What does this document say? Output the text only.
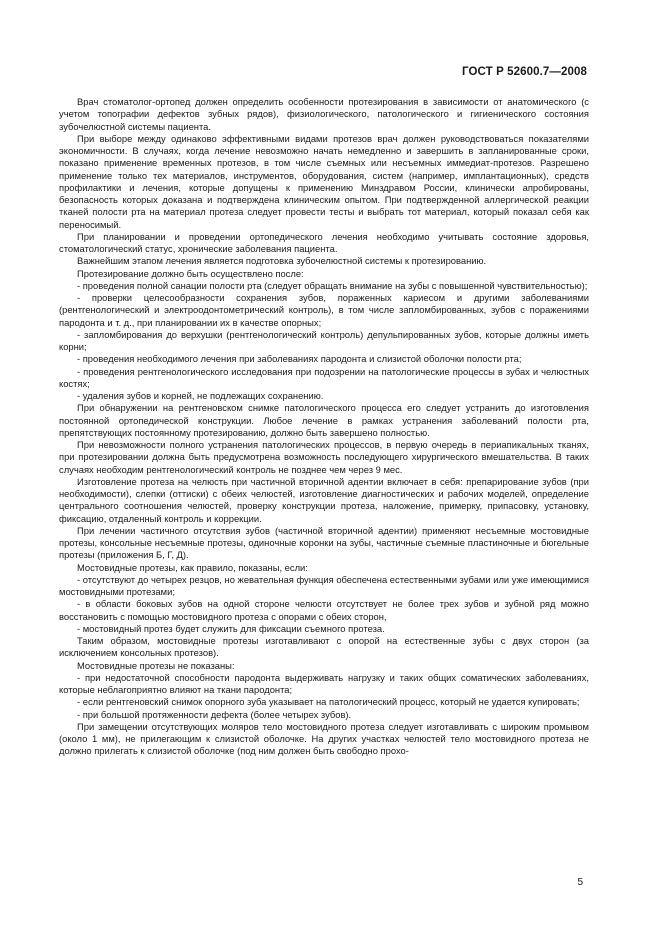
ГОСТ Р 52600.7—2008

Врач стоматолог-ортопед должен определить особенности протезирования в зависимости от анатомического (с учетом топографии дефектов зубных рядов), физиологического, патологического и гигиенического состояния зубочелюстной системы пациента.

При выборе между одинаково эффективными видами протезов врач должен руководствоваться показателями экономичности. В случаях, когда лечение невозможно начать немедленно и завершить в запланированные сроки, показано применение временных протезов, в том числе съемных или несъемных иммедиат-протезов. Разрешено применение только тех материалов, инструментов, оборудования, систем (например, имплантационных), средств профилактики и лечения, которые допущены к применению Минздравом России, клинически апробированы, безопасность которых доказана и подтверждена клиническим опытом. При подтвержденной аллергической реакции тканей полости рта на материал протеза следует провести тесты и выбрать тот материал, который показал себя как переносимый.

При планировании и проведении ортопедического лечения необходимо учитывать состояние здоровья, стоматологический статус, хронические заболевания пациента.

Важнейшим этапом лечения является подготовка зубочелюстной системы к протезированию.

Протезирование должно быть осуществлено после:

- проведения полной санации полости рта (следует обращать внимание на зубы с повышенной чувствительностью);

- проверки целесообразности сохранения зубов, пораженных кариесом и другими заболеваниями (рентгенологический и электроодонтометрический контроль), в том числе запломбированных, зубов с поражениями пародонта и т. д., при планировании их в качестве опорных;

- запломбирования до верхушки (рентгенологический контроль) депульпированных зубов, которые должны иметь корни;

- проведения необходимого лечения при заболеваниях пародонта и слизистой оболочки полости рта;

- проведения рентгенологического исследования при подозрении на патологические процессы в зубах и челюстных костях;

- удаления зубов и корней, не подлежащих сохранению.

При обнаружении на рентгеновском снимке патологического процесса его следует устранить до изготовления постоянной ортопедической конструкции. Любое лечение в рамках устранения заболеваний полости рта, препятствующих постоянному протезированию, должно быть завершено полностью.

При невозможности полного устранения патологических процессов, в первую очередь в периапикальных тканях, при протезировании должна быть предусмотрена возможность последующего хирургического вмешательства. В таких случаях необходим рентгенологический контроль не позднее чем через 9 мес.

Изготовление протеза на челюсть при частичной вторичной адентии включает в себя: препарирование зубов (при необходимости), слепки (оттиски) с обеих челюстей, изготовление диагностических и рабочих моделей, определение центрального соотношения челюстей, проверку конструкции протеза, наложение, примерку, припасовку, установку, фиксацию, отдаленный контроль и коррекции.

При лечении частичного отсутствия зубов (частичной вторичной адентии) применяют несъемные мостовидные протезы, консольные несъемные протезы, одиночные коронки на зубы, частичные съемные пластиночные и бюгельные протезы (приложения Б, Г, Д).

Мостовидные протезы, как правило, показаны, если:

- отсутствуют до четырех резцов, но жевательная функция обеспечена естественными зубами или уже имеющимися мостовидными протезами;

- в области боковых зубов на одной стороне челюсти отсутствует не более трех зубов и зубной ряд можно восстановить с помощью мостовидного протеза с опорами с обеих сторон,

- мостовидный протез будет служить для фиксации съемного протеза.

Таким образом, мостовидные протезы изготавливают с опорой на естественные зубы с двух сторон (за исключением консольных протезов).

Мостовидные протезы не показаны:

- при недостаточной способности пародонта выдерживать нагрузку и таких общих соматических заболеваниях, которые неблагоприятно влияют на ткани пародонта;

- если рентгеновский снимок опорного зуба указывает на патологический процесс, который не удается купировать;

- при большой протяженности дефекта (более четырех зубов).

При замещении отсутствующих моляров тело мостовидного протеза следует изготавливать с широким промывом (около 1 мм), не прилегающим к слизистой оболочке. На других участках челюстей тело мостовидного протеза не должно прилегать к слизистой оболочке (под ним должен быть свободно прохо-

5
